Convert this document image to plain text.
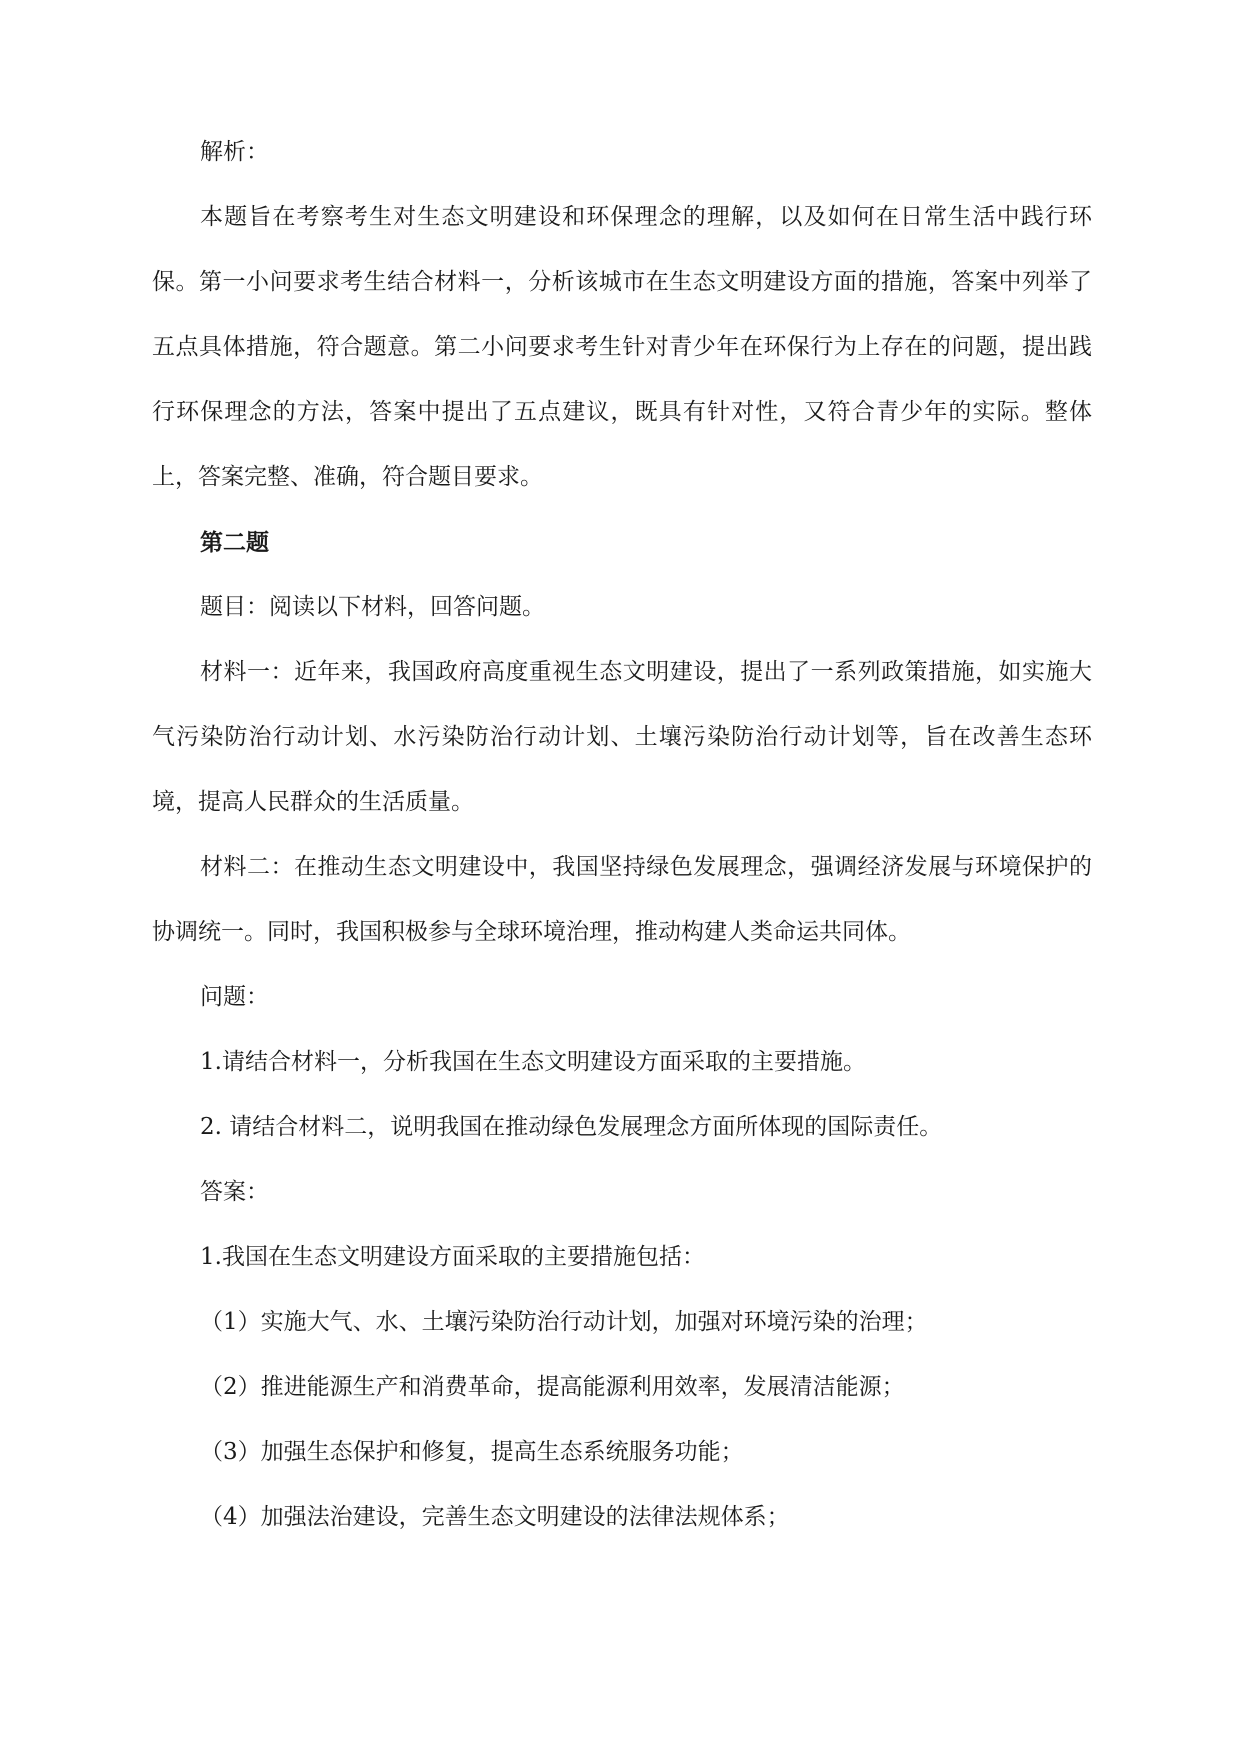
解析：

本题旨在考察考生对生态文明建设和环保理念的理解，以及如何在日常生活中践行环保。第一小问要求考生结合材料一，分析该城市在生态文明建设方面的措施，答案中列举了五点具体措施，符合题意。第二小问要求考生针对青少年在环保行为上存在的问题，提出践行环保理念的方法，答案中提出了五点建议，既具有针对性，又符合青少年的实际。整体上，答案完整、准确，符合题目要求。

第二题

题目：阅读以下材料，回答问题。

材料一：近年来，我国政府高度重视生态文明建设，提出了一系列政策措施，如实施大气污染防治行动计划、水污染防治行动计划、土壤污染防治行动计划等，旨在改善生态环境，提高人民群众的生活质量。

材料二：在推动生态文明建设中，我国坚持绿色发展理念，强调经济发展与环境保护的协调统一。同时，我国积极参与全球环境治理，推动构建人类命运共同体。

问题：

1.请结合材料一，分析我国在生态文明建设方面采取的主要措施。

2. 请结合材料二，说明我国在推动绿色发展理念方面所体现的国际责任。

答案：

1.我国在生态文明建设方面采取的主要措施包括：

（1）实施大气、水、土壤污染防治行动计划，加强对环境污染的治理；

（2）推进能源生产和消费革命，提高能源利用效率，发展清洁能源；

（3）加强生态保护和修复，提高生态系统服务功能；

（4）加强法治建设，完善生态文明建设的法律法规体系；
